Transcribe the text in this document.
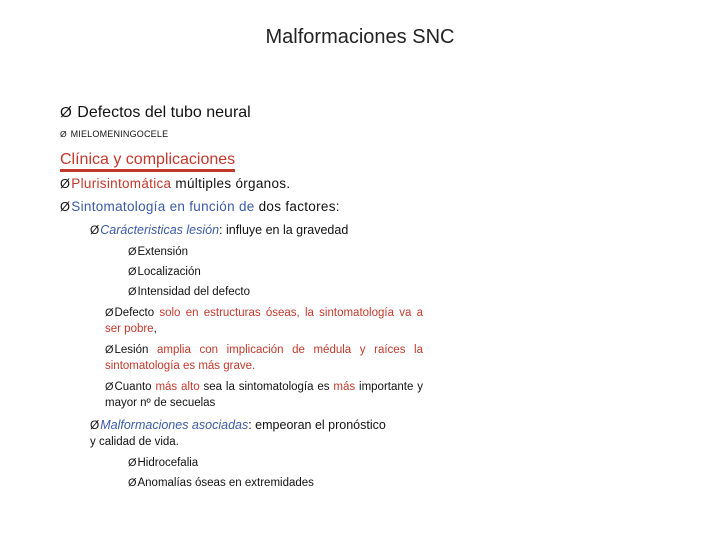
Malformaciones SNC
Ø Defectos del tubo neural
Ø MIELOMENINGOCELE
Clínica y complicaciones
ØPlurisintomática múltiples órganos.
ØSintomatología en función de dos factores:
ØCarácteristicas lesión: influye en la gravedad
ØExtensión
ØLocalización
ØIntensidad del defecto
ØDefecto solo en estructuras óseas, la sintomatología va a ser pobre,
ØLesión amplia con implicación de médula y raíces la sintomatología es más grave.
ØCuanto más alto sea la sintomatología es más importante y mayor nº de secuelas
ØMalformaciones asociadas: empeoran el pronóstico
y calidad de vida.
ØHidrocefalia
ØAnomalías óseas en extremidades
